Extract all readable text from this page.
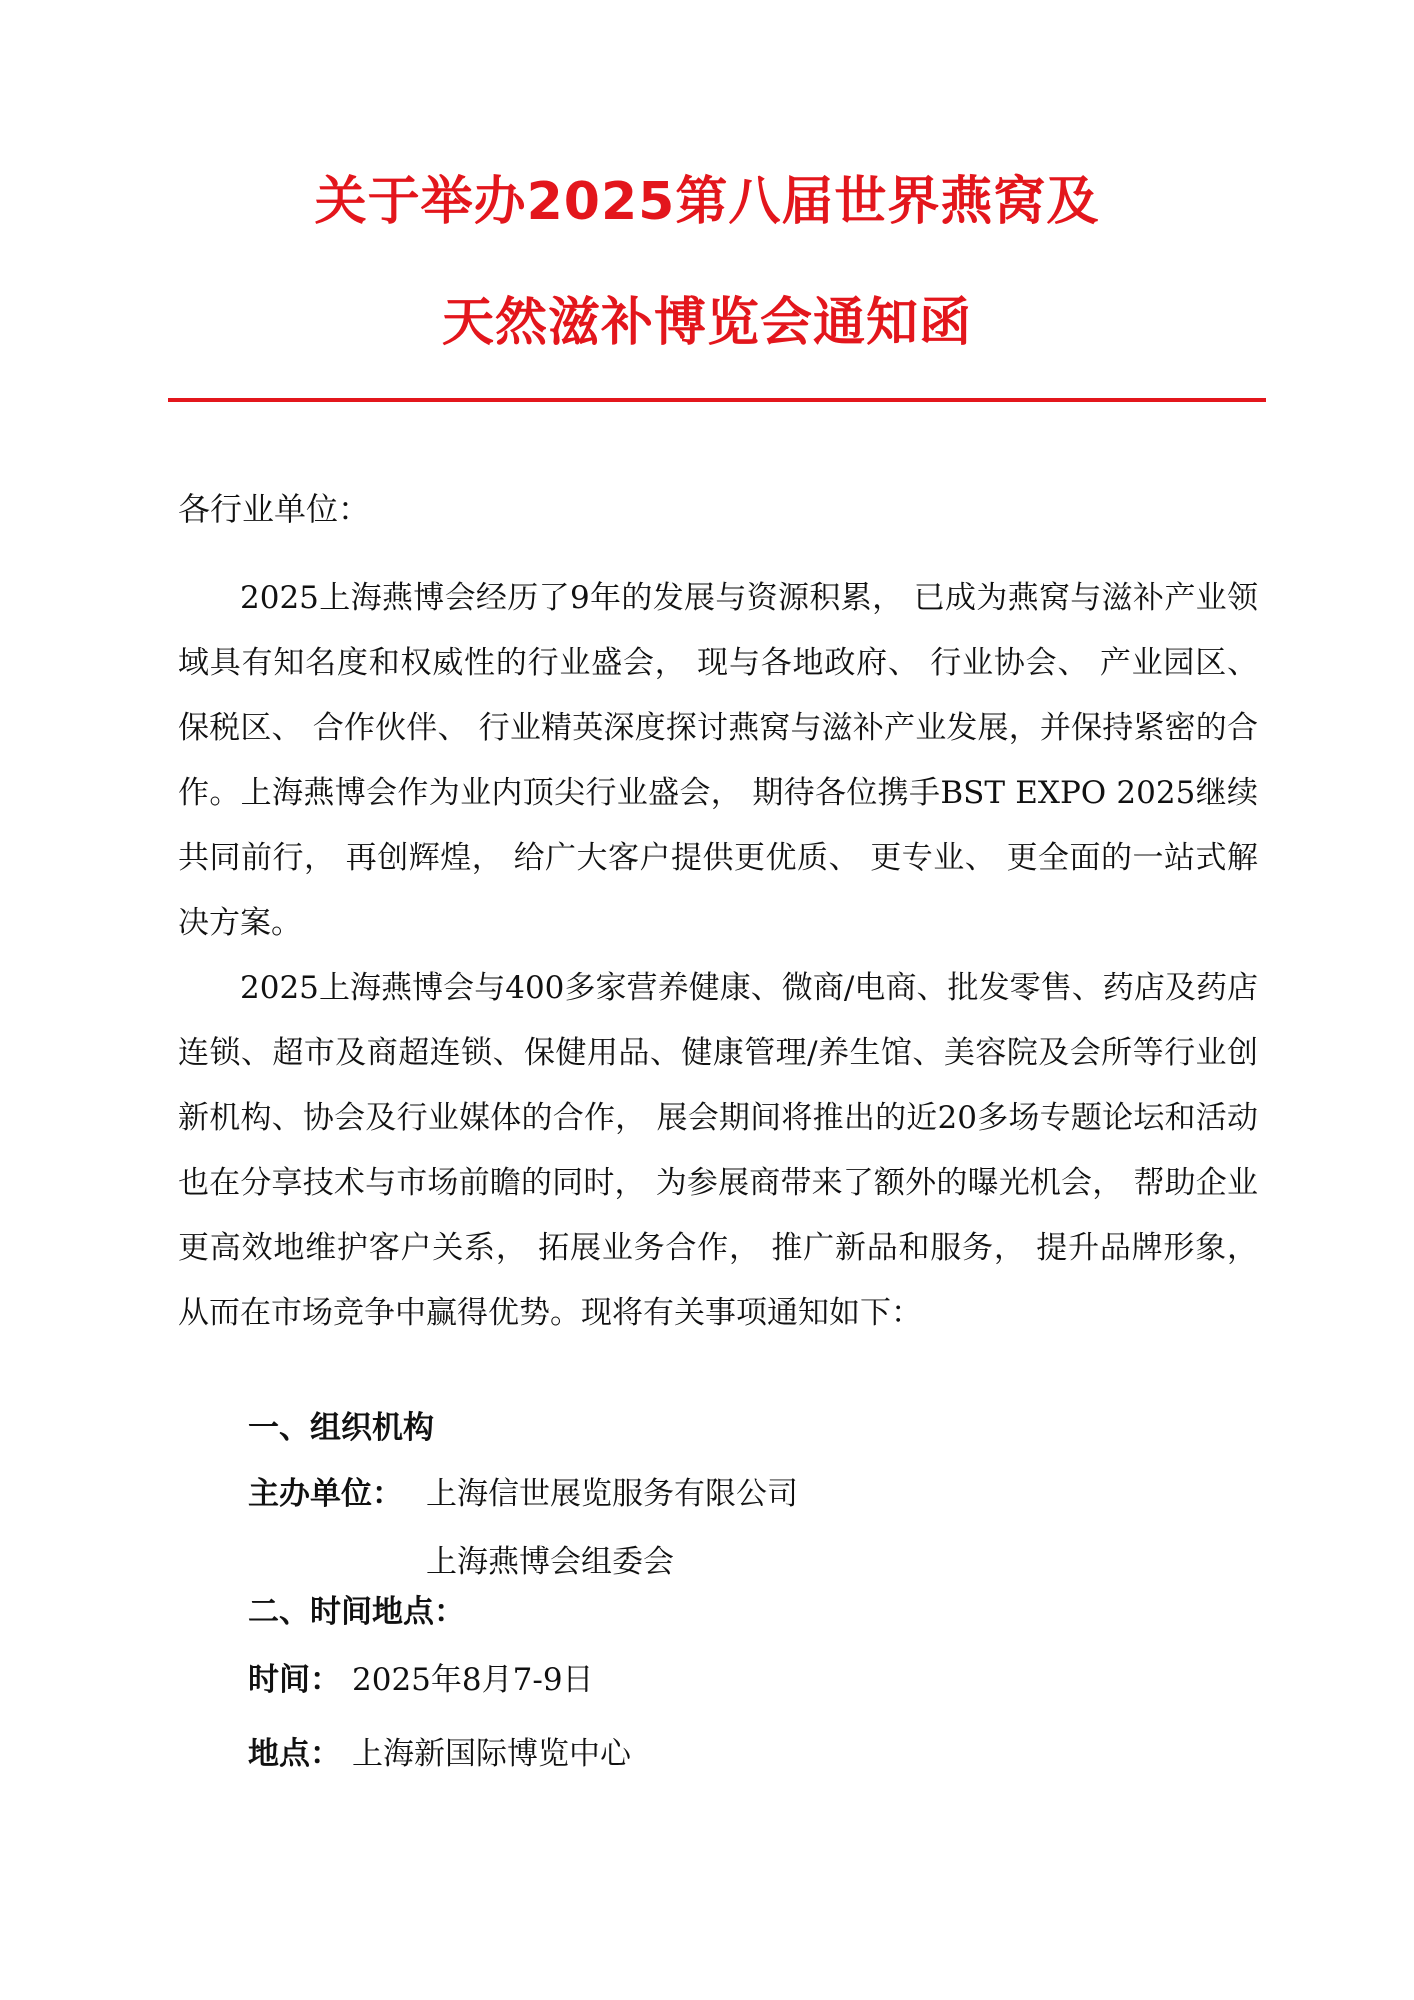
关于举办2025第八届世界燕窝及
天然滋补博览会通知函
各行业单位：

2025上海燕博会经历了9年的发展与资源积累， 已成为燕窝与滋补产业领域具有知名度和权威性的行业盛会， 现与各地政府、 行业协会、 产业园区、保税区、 合作伙伴、 行业精英深度探讨燕窝与滋补产业发展，并保持紧密的合作。上海燕博会作为业内顶尖行业盛会， 期待各位携手BST EXPO 2025继续共同前行， 再创辉煌， 给广大客户提供更优质、 更专业、 更全面的一站式解决方案。

2025上海燕博会与400多家营养健康、微商/电商、批发零售、药店及药店连锁、超市及商超连锁、保健用品、健康管理/养生馆、美容院及会所等行业创新机构、协会及行业媒体的合作， 展会期间将推出的近20多场专题论坛和活动也在分享技术与市场前瞻的同时， 为参展商带来了额外的曝光机会， 帮助企业更高效地维护客户关系， 拓展业务合作， 推广新品和服务， 提升品牌形象， 从而在市场竞争中赢得优势。现将有关事项通知如下：

一、组织机构
主办单位： 上海信世展览服务有限公司
上海燕博会组委会
二、时间地点：
时间： 2025年8月7-9日
地点： 上海新国际博览中心
